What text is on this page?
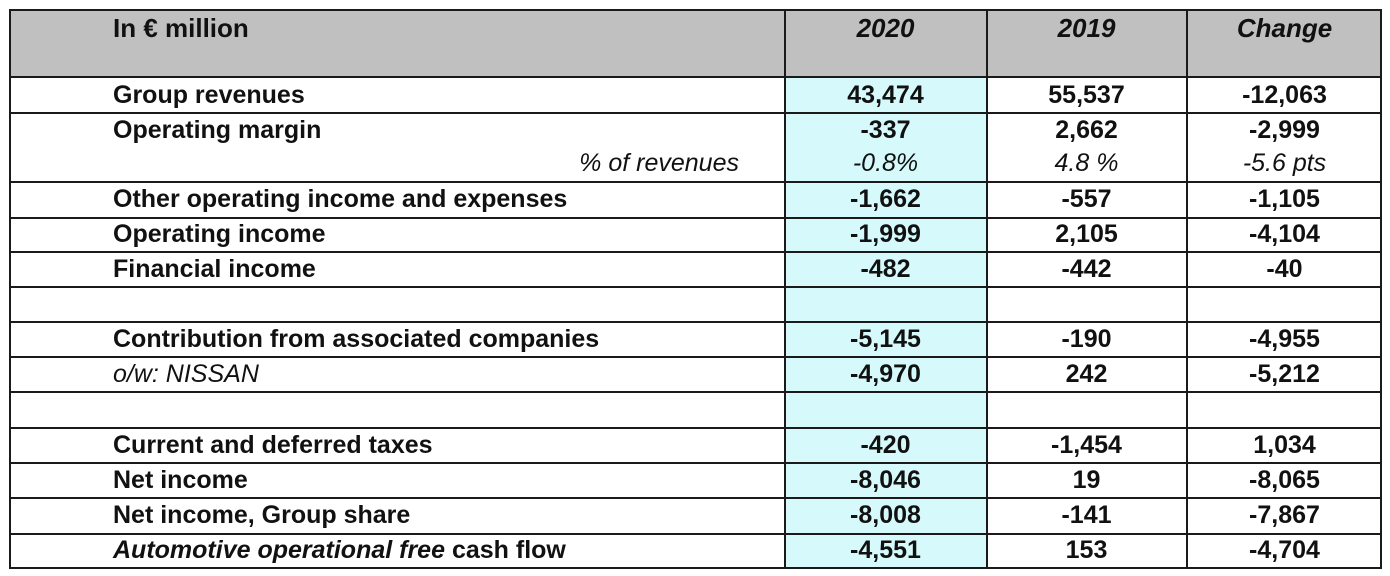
In € million	2020	2019	Change
Group revenues	43,474	55,537	-12,063
Operating margin	-337	2,662	-2,999
% of revenues	-0.8%	4.8 %	-5.6 pts
Other operating income and expenses	-1,662	-557	-1,105
Operating income	-1,999	2,105	-4,104
Financial income	-482	-442	-40
Contribution from associated companies	-5,145	-190	-4,955
o/w: NISSAN	-4,970	242	-5,212
Current and deferred taxes	-420	-1,454	1,034
Net income	-8,046	19	-8,065
Net income, Group share	-8,008	-141	-7,867
Automotive operational free cash flow	-4,551	153	-4,704
